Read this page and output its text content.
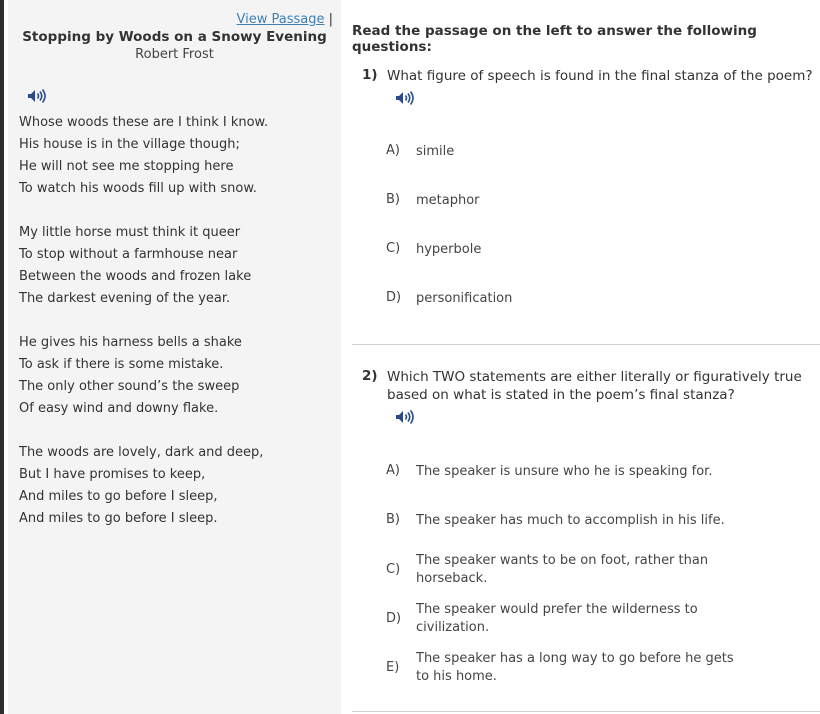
View Passage |
Stopping by Woods on a Snowy Evening
Robert Frost
Whose woods these are I think I know.
His house is in the village though;
He will not see me stopping here
To watch his woods fill up with snow.
My little horse must think it queer
To stop without a farmhouse near
Between the woods and frozen lake
The darkest evening of the year.
He gives his harness bells a shake
To ask if there is some mistake.
The only other sound’s the sweep
Of easy wind and downy flake.
The woods are lovely, dark and deep,
But I have promises to keep,
And miles to go before I sleep,
And miles to go before I sleep.
Read the passage on the left to answer the following questions:
1) What figure of speech is found in the final stanza of the poem?
A) simile
B) metaphor
C) hyperbole
D) personification
2) Which TWO statements are either literally or figuratively true based on what is stated in the poem’s final stanza?
A) The speaker is unsure who he is speaking for.
B) The speaker has much to accomplish in his life.
C)
The speaker wants to be on foot, rather than horseback.
D)
The speaker would prefer the wilderness to civilization.
E)
The speaker has a long way to go before he gets to his home.
